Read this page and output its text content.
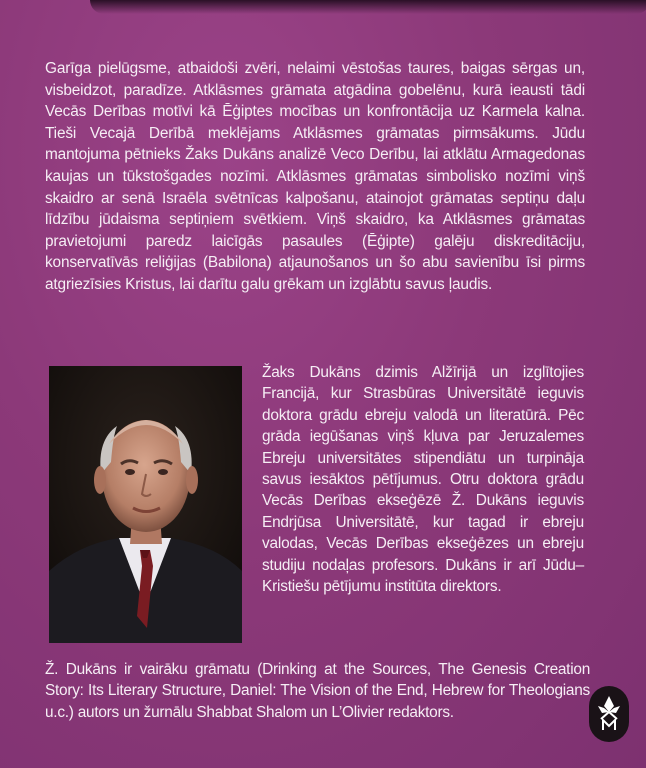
Garīga pielūgsme, atbaidoši zvēri, nelaimi vēstošas taures, baigas sērgas un, visbeidzot, paradīze. Atklāsmes grāmata atgādina gobelēnu, kurā ieausti tādi Vecās Derības motīvi kā Ēģiptes mocības un konfrontācija uz Karmela kalna. Tieši Vecajā Derībā meklējams Atklāsmes grāmatas pirmsākums. Jūdu mantojuma pētnieks Žaks Dukāns analizē Veco Derību, lai atklātu Armagedonas kaujas un tūkstošgades nozīmi. Atklāsmes grāmatas simbolisko nozīmi viņš skaidro ar senā Israēla svētnīcas kalpošanu, atainojot grāmatas septiņu daļu līdzību jūdaisma septiņiem svētkiem. Viņš skaidro, ka Atklāsmes grāmatas pravietojumi paredz laicīgās pasaules (Ēģipte) galēju diskreditāciju, konservatīvās reliģijas (Babilona) atjaunošanos un šo abu savienību īsi pirms atgriezīsies Kristus, lai darītu galu grēkam un izglābtu savus ļaudis.

Žaks Dukāns dzimis Alžīrijā un izglītojies Francijā, kur Strasbūras Universitātē ieguvis doktora grādu ebreju valodā un literatūrā. Pēc grāda iegūšanas viņš kļuva par Jeruzalemes Ebreju universitātes stipendiātu un turpināja savus iesāktos pētījumus. Otru doktora grādu Vecās Derības ekseģēzē Ž. Dukāns ieguvis Endrjūsa Universitātē, kur tagad ir ebreju valodas, Vecās Derības ekseģēzes un ebreju studiju nodaļas profesors. Dukāns ir arī Jūdu–Kristiešu pētījumu institūta direktors.

Ž. Dukāns ir vairāku grāmatu (Drinking at the Sources, The Genesis Creation Story: Its Literary Structure, Daniel: The Vision of the End, Hebrew for Theologians u.c.) autors un žurnālu Shabbat Shalom un L’Olivier redaktors.
